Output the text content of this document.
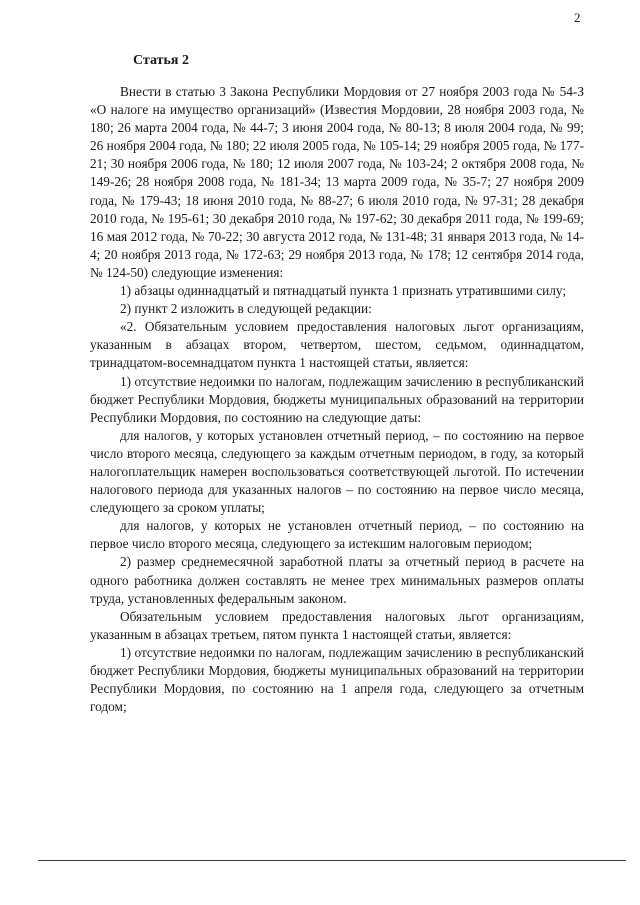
2
Статья 2

Внести в статью 3 Закона Республики Мордовия от 27 ноября 2003 года № 54-З «О налоге на имущество организаций» (Известия Мордовии, 28 ноября 2003 года, № 180; 26 марта 2004 года, № 44-7; 3 июня 2004 года, № 80-13; 8 июля 2004 года, № 99; 26 ноября 2004 года, № 180; 22 июля 2005 года, № 105-14; 29 ноября 2005 года, № 177-21; 30 ноября 2006 года, № 180; 12 июля 2007 года, № 103-24; 2 октября 2008 года, № 149-26; 28 ноября 2008 года, № 181-34; 13 марта 2009 года, № 35-7; 27 ноября 2009 года, № 179-43; 18 июня 2010 года, № 88-27; 6 июля 2010 года, № 97-31; 28 декабря 2010 года, № 195-61; 30 декабря 2010 года, № 197-62; 30 декабря 2011 года, № 199-69; 16 мая 2012 года, № 70-22; 30 августа 2012 года, № 131-48; 31 января 2013 года, № 14-4; 20 ноября 2013 года, № 172-63; 29 ноября 2013 года, № 178; 12 сентября 2014 года, № 124-50) следующие изменения:

1) абзацы одиннадцатый и пятнадцатый пункта 1 признать утратившими силу;

2) пункт 2 изложить в следующей редакции:

«2. Обязательным условием предоставления налоговых льгот организациям, указанным в абзацах втором, четвертом, шестом, седьмом, одиннадцатом, тринадцатом-восемнадцатом пункта 1 настоящей статьи, является:

1) отсутствие недоимки по налогам, подлежащим зачислению в республиканский бюджет Республики Мордовия, бюджеты муниципальных образований на территории Республики Мордовия, по состоянию на следующие даты:

для налогов, у которых установлен отчетный период, – по состоянию на первое число второго месяца, следующего за каждым отчетным периодом, в году, за который налогоплательщик намерен воспользоваться соответствующей льготой. По истечении налогового периода для указанных налогов – по состоянию на первое число месяца, следующего за сроком уплаты;

для налогов, у которых не установлен отчетный период, – по состоянию на первое число второго месяца, следующего за истекшим налоговым периодом;

2) размер среднемесячной заработной платы за отчетный период в расчете на одного работника должен составлять не менее трех минимальных размеров оплаты труда, установленных федеральным законом.

Обязательным условием предоставления налоговых льгот организациям, указанным в абзацах третьем, пятом пункта 1 настоящей статьи, является:

1) отсутствие недоимки по налогам, подлежащим зачислению в республиканский бюджет Республики Мордовия, бюджеты муниципальных образований на территории Республики Мордовия, по состоянию на 1 апреля года, следующего за отчетным годом;
